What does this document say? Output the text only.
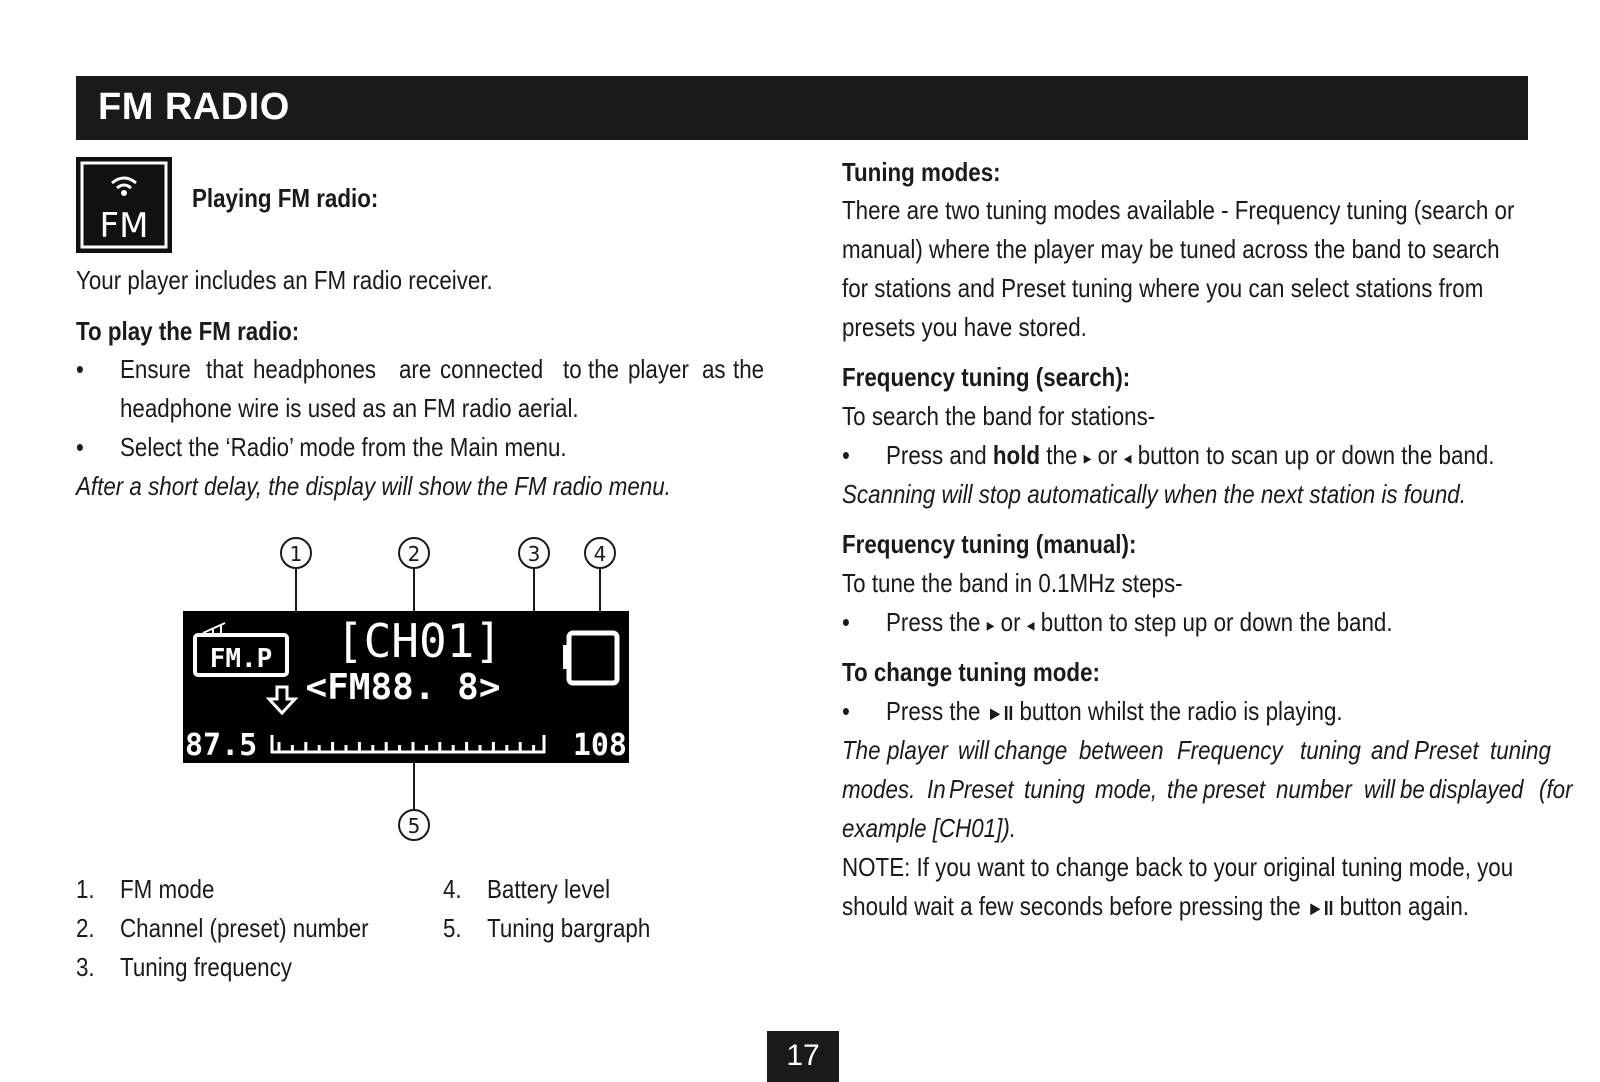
FM RADIO
FM
Playing FM radio:
Your player includes an FM radio receiver.
To play the FM radio:
• Ensure that headphones are connected to the player as the
headphone wire is used as an FM radio aerial.
• Select the ‘Radio’ mode from the Main menu.
After a short delay, the display will show the FM radio menu.
1	2	3	4
5
FM.P [CH01]
<FM88. 8>
87.5	108
1. FM mode
2. Channel (preset) number
3. Tuning frequency
4. Battery level
5. Tuning bargraph
Tuning modes:
There are two tuning modes available - Frequency tuning (search or
manual) where the player may be tuned across the band to search
for stations and Preset tuning where you can select stations from
presets you have stored.
Frequency tuning (search):
To search the band for stations-
• Press and hold the ▸ or ◂ button to scan up or down the band.
Scanning will stop automatically when the next station is found.
Frequency tuning (manual):
To tune the band in 0.1MHz steps-
• Press the ▸ or ◂ button to step up or down the band.
To change tuning mode:
• Press the ►II button whilst the radio is playing.
The player will change between Frequency tuning and Preset tuning
modes. In Preset tuning mode, the preset number will be displayed (for
example [CH01]).
NOTE: If you want to change back to your original tuning mode, you
should wait a few seconds before pressing the ►II button again.
17
